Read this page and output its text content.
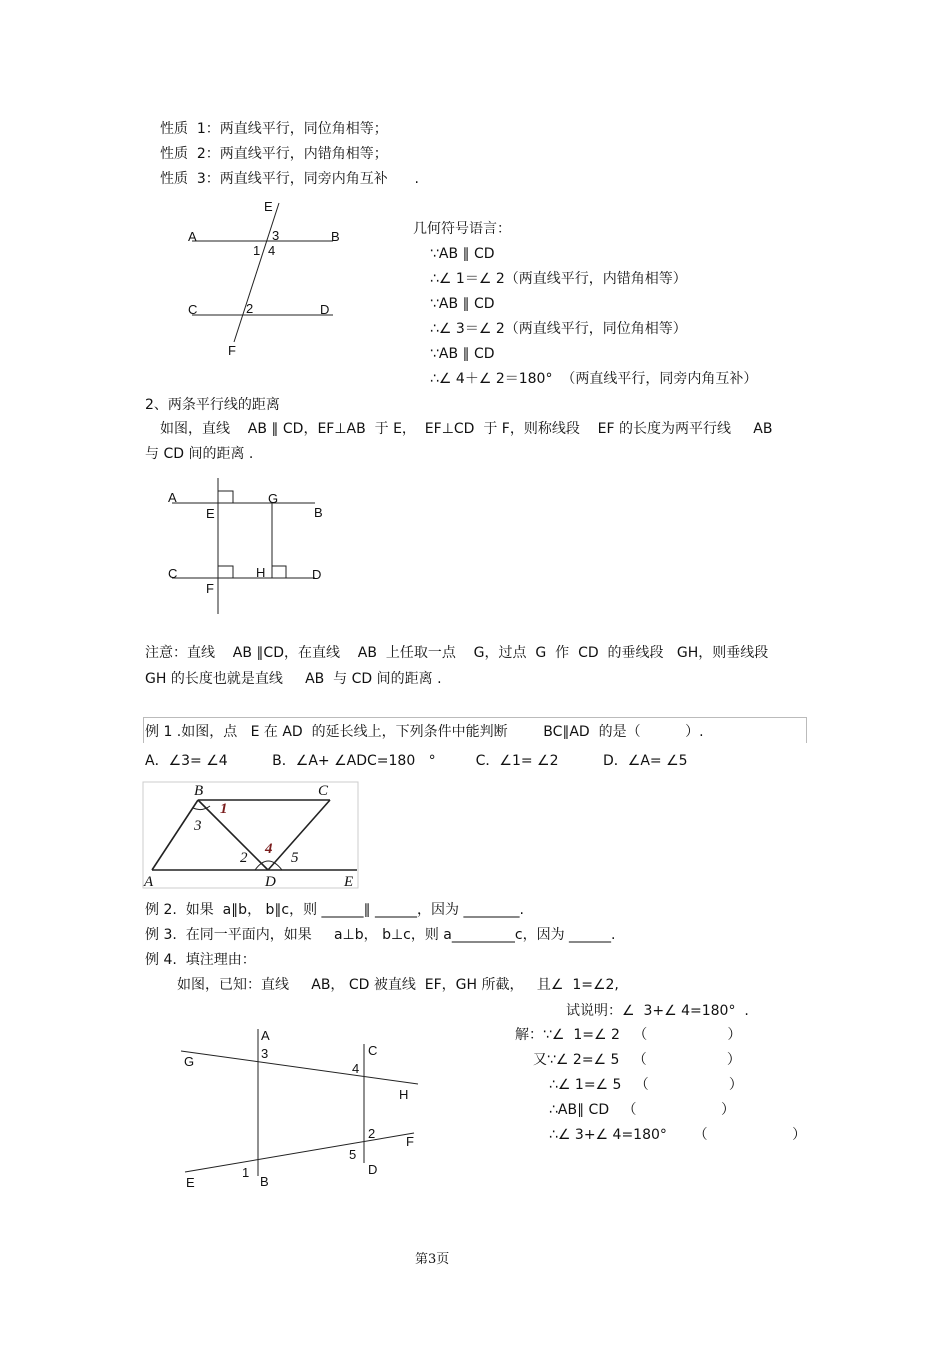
性质  1：两直线平行，同位角相等；
性质  2：两直线平行，内错角相等；
性质  3：两直线平行，同旁内角互补      .
E
A	3	B
1 4
C	2	D
F
几何符号语言：
∵AB ∥ CD
∴∠ 1＝∠ 2（两直线平行，内错角相等）
∵AB ∥ CD
∴∠ 3＝∠ 2（两直线平行，同位角相等）
∵AB ∥ CD
∴∠ 4＋∠ 2＝180°  （两直线平行，同旁内角互补）
2、两条平行线的距离
如图，直线    AB ∥ CD，EF⊥AB  于 E，  EF⊥CD  于 F，则称线段    EF 的长度为两平行线     AB
与 CD 间的距离 .
A	G
E	B
C	H	D
F
注意：直线    AB ∥CD，在直线    AB  上任取一点    G，过点  G  作  CD  的垂线段   GH，则垂线段
GH 的长度也就是直线     AB  与 CD 间的距离 .
例 1 .如图，点   E 在 AD  的延长线上，下列条件中能判断        BC∥AD  的是（          ）.
A．∠3= ∠4          B．∠A+ ∠ADC=180   °         C．∠1= ∠2          D．∠A= ∠5
B	C
1
3
4
2	5
A	D	E
例 2.  如果  a∥b， b∥c，则 ______∥ ______，因为 ________.
例 3.  在同一平面内，如果     a⊥b， b⊥c，则 a_________c，因为 ______.
例 4.  填注理由：
如图，已知：直线     AB， CD 被直线  EF，GH 所截，   且∠  1=∠2,
试说明：∠  3+∠ 4=180°  .
解：∵∠  1=∠ 2   （                  ）
又∵∠ 2=∠ 5   （                  ）
∴∠ 1=∠ 5   （                  ）
∴AB∥ CD   （                   ）
∴∠ 3+∠ 4=180°      （                   ）
A
3	C
G	4
H
2
F
5
1	D
E	B
第3页
